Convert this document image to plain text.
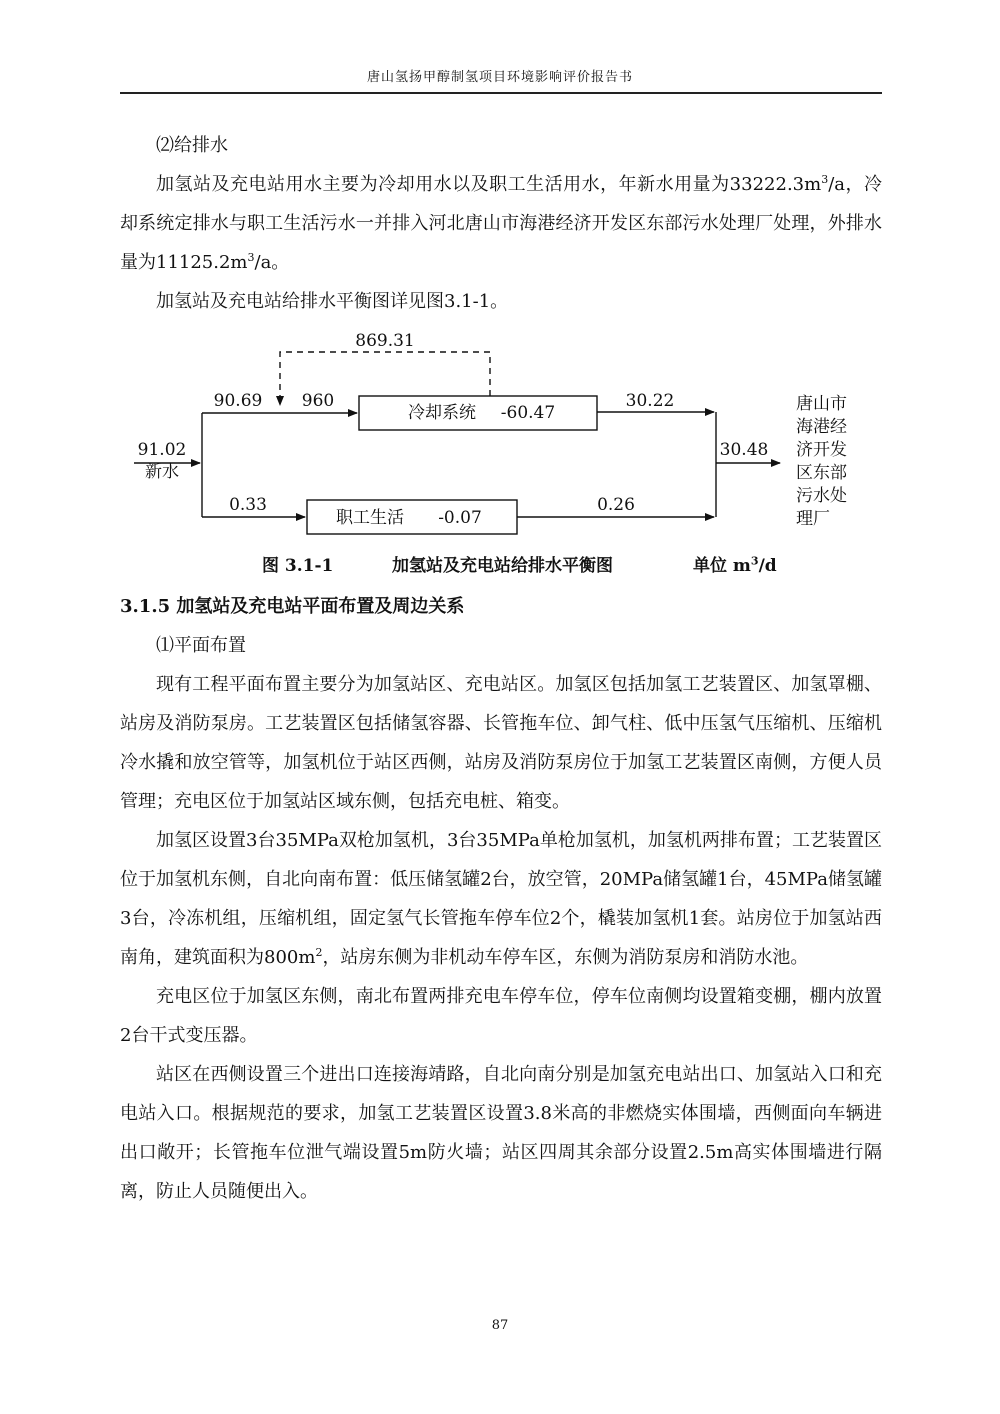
唐山氢扬甲醇制氢项目环境影响评价报告书

⑵给排水

加氢站及充电站用水主要为冷却用水以及职工生活用水，年新水用量为$33222.3m^3/a$，冷却系统定排水与职工生活污水一并排入河北唐山市海港经济开发区东部污水处理厂处理，外排水量为$11125.2m^3/a$。

加氢站及充电站给排水平衡图详见图3.1-1。

869.31
90.69 960
冷却系统 -60.47
30.22
91.02
新水
30.48
0.33
职工生活 -0.07
0.26
唐山市
海港经
济开发
区东部
污水处
理厂
图 3.1-1	加氢站及充电站给排水平衡图	单位 $m^3/d$

3.1.5 加氢站及充电站平面布置及周边关系

⑴平面布置

现有工程平面布置主要分为加氢站区、充电站区。加氢区包括加氢工艺装置区、加氢罩棚、站房及消防泵房。工艺装置区包括储氢容器、长管拖车位、卸气柱、低中压氢气压缩机、压缩机冷水撬和放空管等，加氢机位于站区西侧，站房及消防泵房位于加氢工艺装置区南侧，方便人员管理；充电区位于加氢站区域东侧，包括充电桩、箱变。

加氢区设置3台35MPa双枪加氢机，3台35MPa单枪加氢机，加氢机两排布置；工艺装置区位于加氢机东侧，自北向南布置：低压储氢罐2台，放空管，20MPa储氢罐1台，45MPa储氢罐3台，冷冻机组，压缩机组，固定氢气长管拖车停车位2个，橇装加氢机1套。站房位于加氢站西南角，建筑面积为$800m^2$，站房东侧为非机动车停车区，东侧为消防泵房和消防水池。

充电区位于加氢区东侧，南北布置两排充电车停车位，停车位南侧均设置箱变棚，棚内放置2台干式变压器。

站区在西侧设置三个进出口连接海靖路，自北向南分别是加氢充电站出口、加氢站入口和充电站入口。根据规范的要求，加氢工艺装置区设置3.8米高的非燃烧实体围墙，西侧面向车辆进出口敞开；长管拖车位泄气端设置5m防火墙；站区四周其余部分设置2.5m高实体围墙进行隔离，防止人员随便出入。

87
